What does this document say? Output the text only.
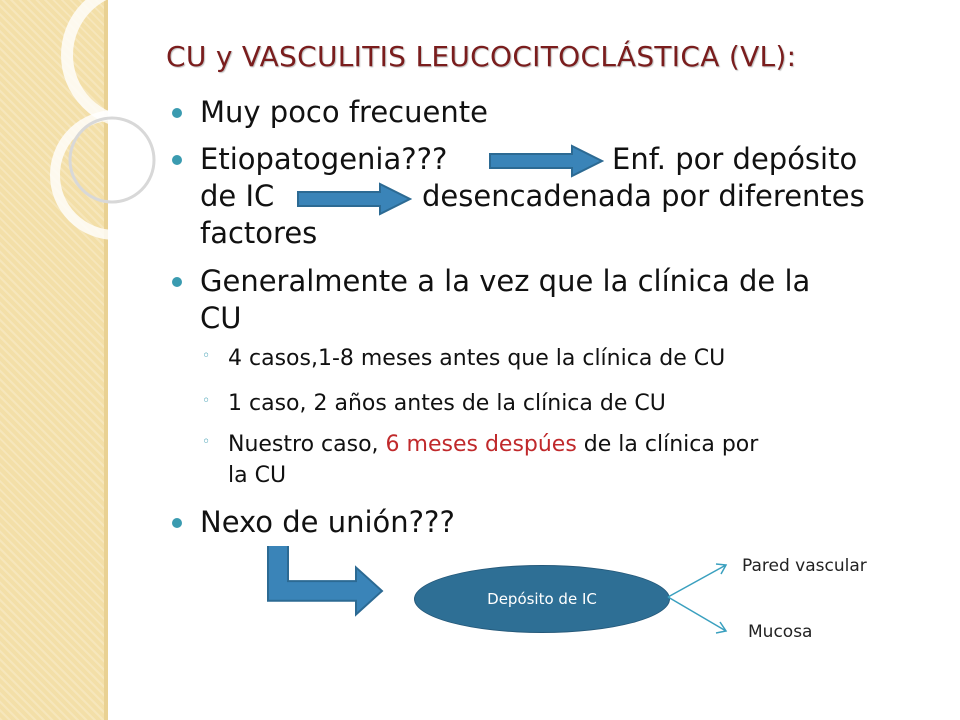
CU y VASCULITIS LEUCOCITOCLÁSTICA (VL):
Muy poco frecuente
Etiopatogenia???	Enf. por depósito
de IC	desencadenada por diferentes
factores
Generalmente a la vez que la clínica de la
CU
◦ 4 casos,1-8 meses antes que la clínica de CU
◦ 1 caso, 2 años antes de la clínica de CU
◦ Nuestro caso, 6 meses despúes de la clínica por
la CU
Nexo de unión???
Depósito de IC
Pared vascular
Mucosa
